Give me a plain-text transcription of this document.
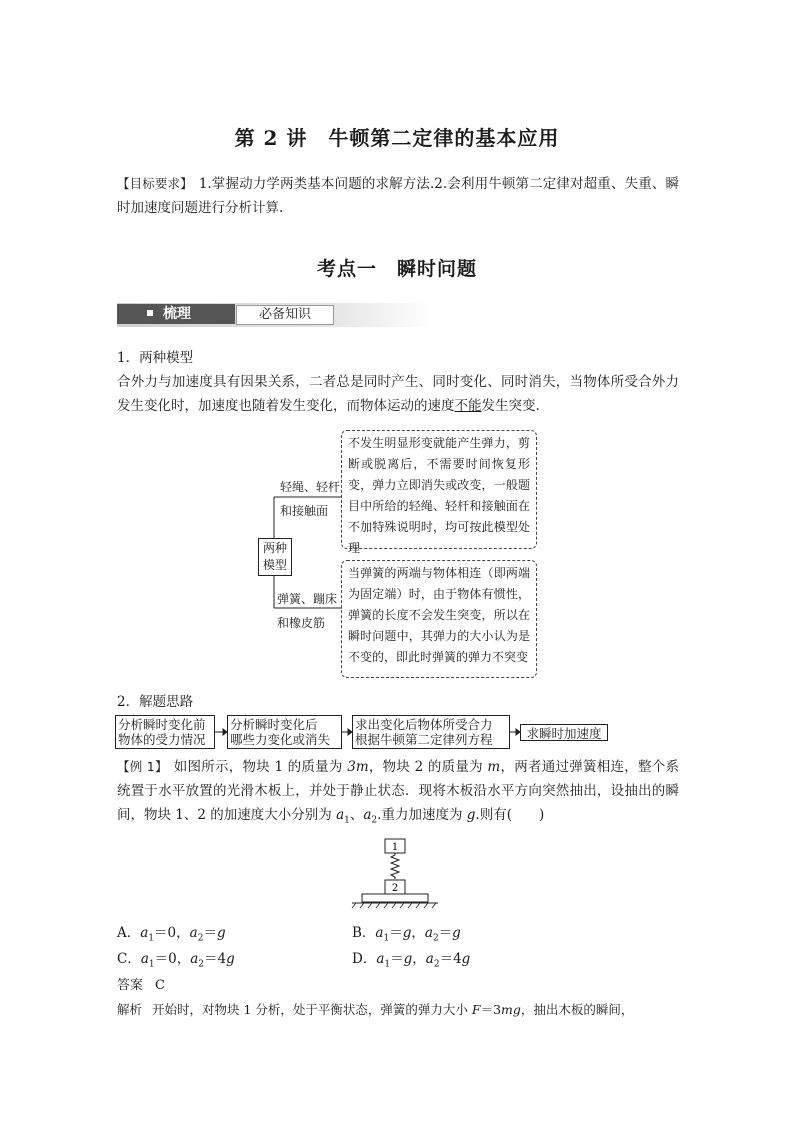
第 2 讲　牛顿第二定律的基本应用
【目标要求】 1.掌握动力学两类基本问题的求解方法.2.会利用牛顿第二定律对超重、失重、瞬时加速度问题进行分析计算.
考点一　瞬时问题
梳理	必备知识
1．两种模型
合外力与加速度具有因果关系，二者总是同时产生、同时变化、同时消失，当物体所受合外力发生变化时，加速度也随着发生变化，而物体运动的速度不能发生突变.
两种
模型
轻绳、轻杆
和接触面
弹簧、蹦床
和橡皮筋
不发生明显形变就能产生弹力，剪断或脱离后，不需要时间恢复形变，弹力立即消失或改变，一般题目中所给的轻绳、轻杆和接触面在不加特殊说明时，均可按此模型处理
当弹簧的两端与物体相连（即两端为固定端）时，由于物体有惯性，弹簧的长度不会发生突变，所以在瞬时问题中，其弹力的大小认为是不变的，即此时弹簧的弹力不突变
2．解题思路
分析瞬时变化前
物体的受力情况
分析瞬时变化后
哪些力变化或消失
求出变化后物体所受合力
根据牛顿第二定律列方程	求瞬时加速度
【例 1】 如图所示，物块 1 的质量为 3m，物块 2 的质量为 m，两者通过弹簧相连，整个系统置于水平放置的光滑木板上，并处于静止状态．现将木板沿水平方向突然抽出，设抽出的瞬间，物块 1、2 的加速度大小分别为 $a_1$、$a_2$.重力加速度为 g.则有(　　)
1
2
A．$a_1=0$，$a_2=g$	B．$a_1=g$，$a_2=g$
C．$a_1=0$，$a_2=4g$	D．$a_1=g$，$a_2=4g$
答案 C
解析 开始时，对物块 1 分析，处于平衡状态，弹簧的弹力大小 F＝3mg，抽出木板的瞬间，
